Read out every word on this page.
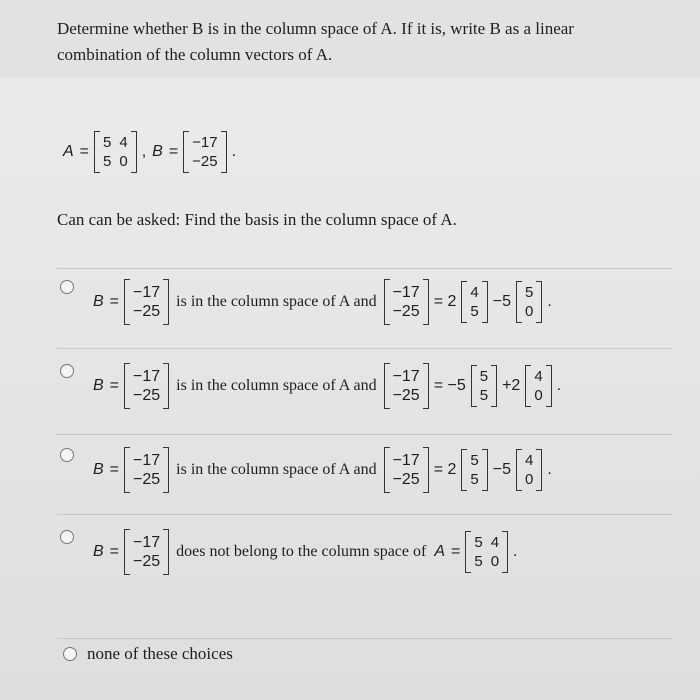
Determine whether B is in the column space of A. If it is, write B as a linear
combination of the column vectors of A.
A =
5 4
5 0
, B =
−17
−25
.
Can can be asked: Find the basis in the column space of A.
B =
−17
−25
is in the column space of A and
−17
−25
= 2
4
5
−5
5
0
.
B =
−17
−25
is in the column space of A and
−17
−25
= −5
5
5
+2
4
0
.
B =
−17
−25
is in the column space of A and
−17
−25
= 2
5
5
−5
4
0
.
B =
−17
−25
does not belong to the column space of A =
5 4
5 0
.
none of these choices
